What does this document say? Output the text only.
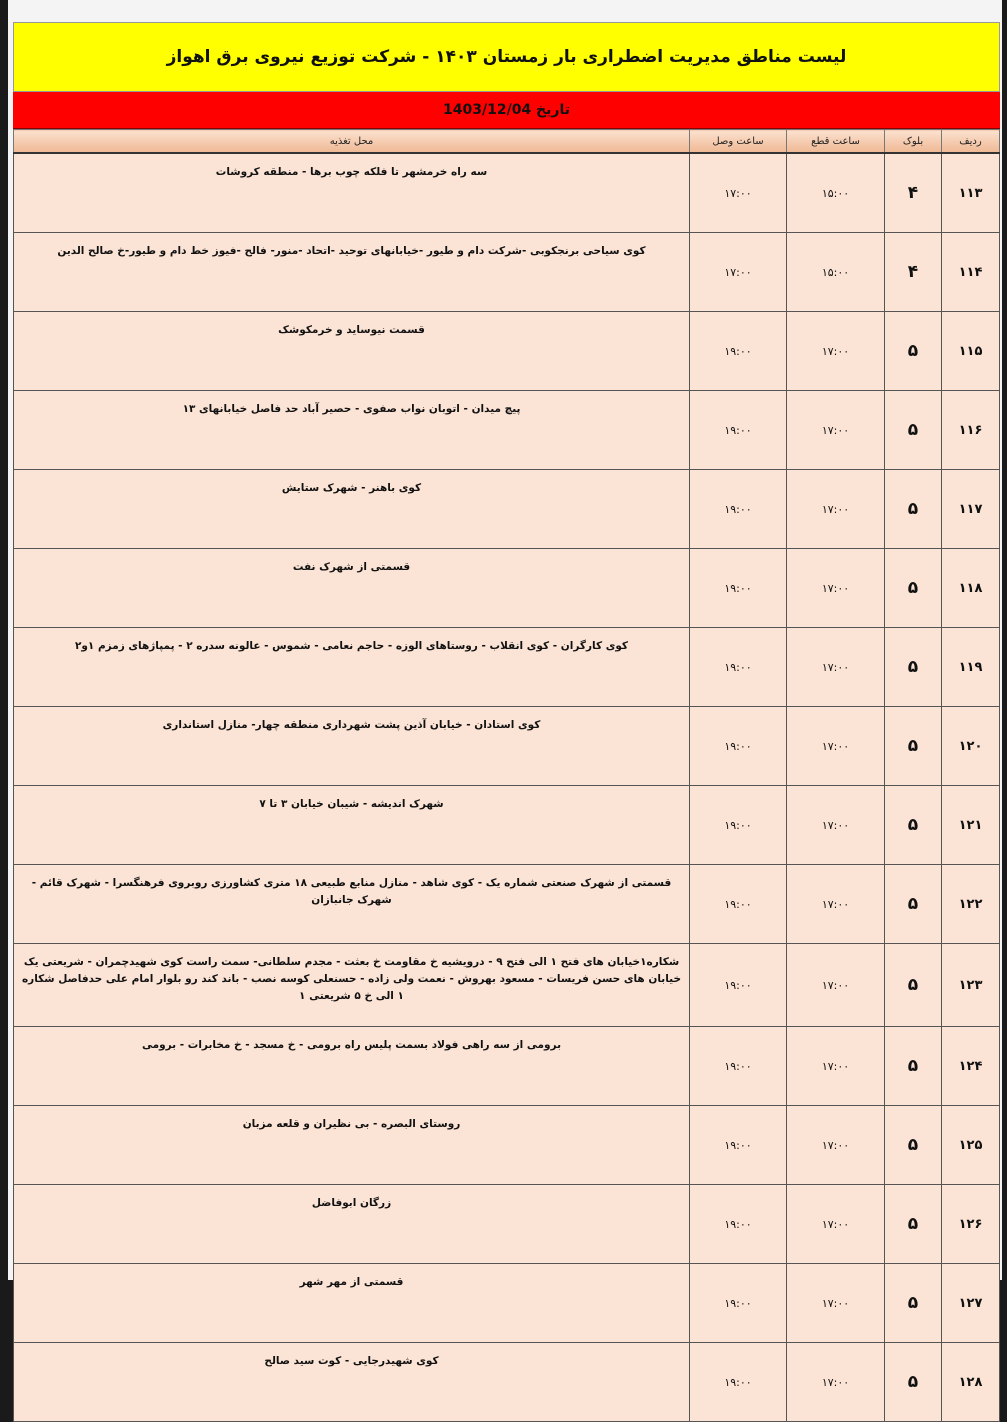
لیست مناطق مدیریت اضطراری بار زمستان ۱۴۰۳ - شرکت توزیع نیروی برق اهواز
تاریخ 1403/12/04
ردیف	بلوک	ساعت قطع	ساعت وصل	محل تغذیه
۱۱۳	۴	۱۵:۰۰	۱۷:۰۰	سه راه خرمشهر تا فلکه چوب برها - منطقه کروشات
۱۱۴	۴	۱۵:۰۰	۱۷:۰۰	کوی سیاحی برنجکوبی -شرکت دام و طیور -خیابانهای توحید -اتحاد -منور- فالح -فیوز خط دام و طیور-خ صالح الدین
۱۱۵	۵	۱۷:۰۰	۱۹:۰۰	قسمت نیوساید و خرمکوشک
۱۱۶	۵	۱۷:۰۰	۱۹:۰۰	پیچ میدان - اتوبان نواب صفوی - حصیر آباد حد فاصل خیابانهای ۱۳
۱۱۷	۵	۱۷:۰۰	۱۹:۰۰	کوی باهنر - شهرک ستایش
۱۱۸	۵	۱۷:۰۰	۱۹:۰۰	قسمتی از شهرک نفت
۱۱۹	۵	۱۷:۰۰	۱۹:۰۰	کوی کارگران - کوی انقلاب - روستاهای الوزه - حاجم نعامی - شموس - عالونه سدره ۲ - پمپاژهای زمزم ۱و۲
۱۲۰	۵	۱۷:۰۰	۱۹:۰۰	کوی استادان - خیابان آذین پشت شهرداری منطقه چهار- منازل استانداری
۱۲۱	۵	۱۷:۰۰	۱۹:۰۰	شهرک اندیشه - شیبان خیابان ۳ تا ۷
۱۲۲	۵	۱۷:۰۰	۱۹:۰۰	قسمتی از شهرک صنعتی شماره یک - کوی شاهد - منازل منابع طبیعی ۱۸ متری کشاورزی روبروی فرهنگسرا - شهرک قائم - شهرک جانبازان
۱۲۳	۵	۱۷:۰۰	۱۹:۰۰	شکاره۱خیابان های فتح ۱ الی فتح ۹ - درویشیه خ مقاومت خ بعثت - مجدم سلطانی- سمت راست کوی شهیدچمران - شریعتی یک خیابان های حسن فریسات - مسعود بهروش - نعمت ولی زاده - حسنعلی کوسه نصب - باند کند رو بلوار امام علی حدفاصل شکاره ۱ الی خ ۵ شریعتی ۱
۱۲۴	۵	۱۷:۰۰	۱۹:۰۰	برومی از سه راهی فولاد بسمت پلیس راه برومی - خ مسجد - خ مخابرات - برومی
۱۲۵	۵	۱۷:۰۰	۱۹:۰۰	روستای البصره - بی نظیران و قلعه مزبان
۱۲۶	۵	۱۷:۰۰	۱۹:۰۰	زرگان ابوفاضل
۱۲۷	۵	۱۷:۰۰	۱۹:۰۰	قسمتی از مهر شهر
۱۲۸	۵	۱۷:۰۰	۱۹:۰۰	کوی شهیدرجایی - کوت سید صالح
